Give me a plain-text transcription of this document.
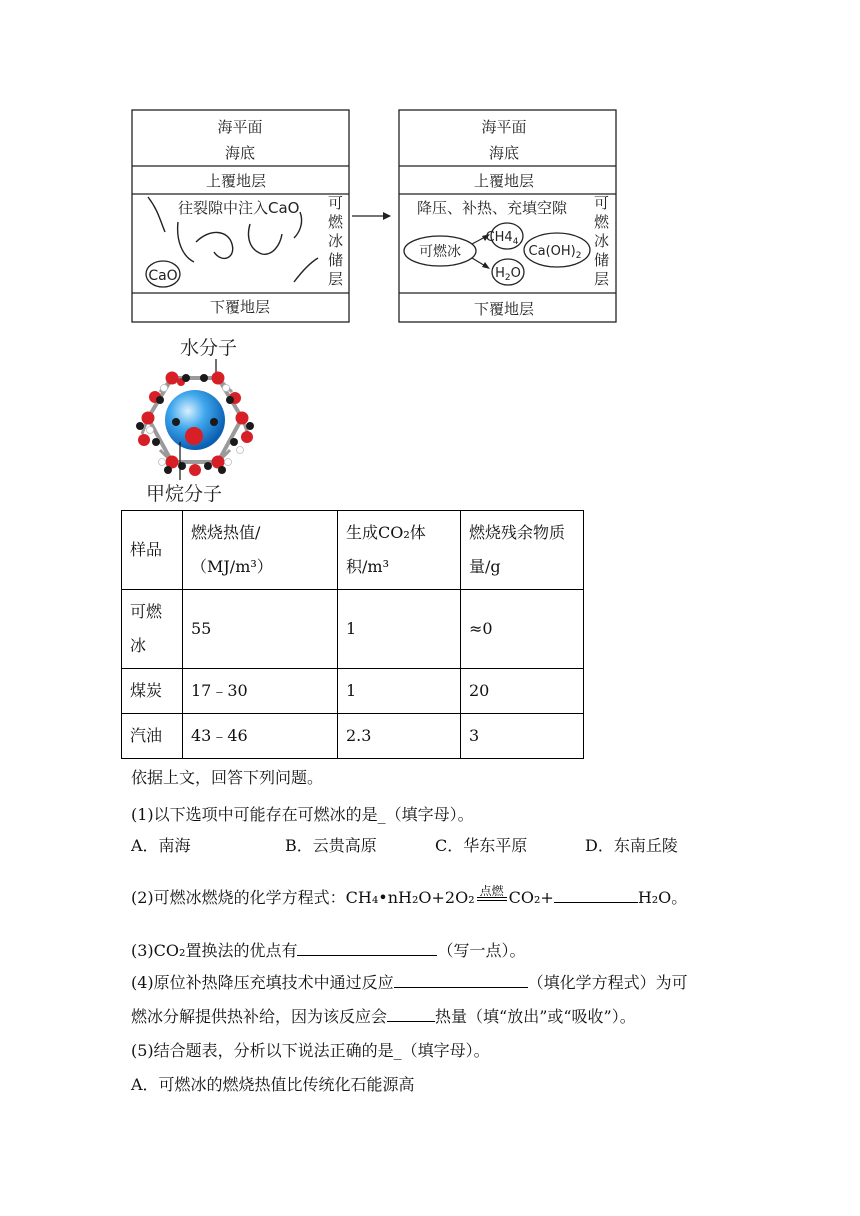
海平面
海底
上覆地层
往裂隙中注入CaO
CaO
下覆地层
可燃冰储层
海平面
海底
上覆地层
降压、补热、充填空隙
可燃冰
$CH4_4$
$H_2O$
$Ca(OH)_2$
下覆地层
可燃冰储层
水分子
甲烷分子
样品	燃烧热值/（MJ/m³）	生成CO₂体积/m³	燃烧残余物质量/g
可燃冰	55	1	≈0
煤炭	17﹣30	1	20
汽油	43﹣46	2.3	3
依据上文，回答下列问题。
(1)以下选项中可能存在可燃冰的是_（填字母）。
A．南海	B．云贵高原	C．华东平原	D．东南丘陵
(2)可燃冰燃烧的化学方程式：CH₄•nH₂O+2O₂ 点燃 CO₂+	H₂O。
(3)CO₂置换法的优点有	（写一点）。
(4)原位补热降压充填技术中通过反应	（填化学方程式）为可
燃冰分解提供热补给，因为该反应会	热量（填“放出”或“吸收”）。
(5)结合题表，分析以下说法正确的是_（填字母）。
A．可燃冰的燃烧热值比传统化石能源高
